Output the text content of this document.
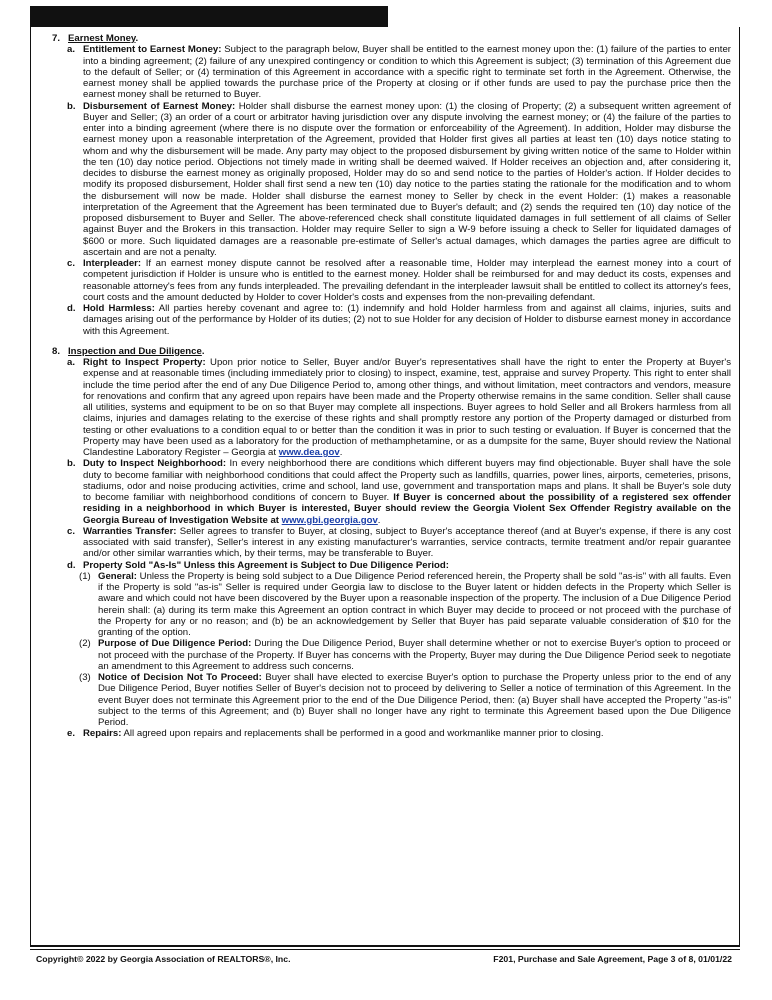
7. Earnest Money.
a. Entitlement to Earnest Money: Subject to the paragraph below, Buyer shall be entitled to the earnest money upon the: (1) failure of the parties to enter into a binding agreement; (2) failure of any unexpired contingency or condition to which this Agreement is subject; (3) termination of this Agreement due to the default of Seller; or (4) termination of this Agreement in accordance with a specific right to terminate set forth in the Agreement. Otherwise, the earnest money shall be applied towards the purchase price of the Property at closing or if other funds are used to pay the purchase price then the earnest money shall be returned to Buyer.
b. Disbursement of Earnest Money: Holder shall disburse the earnest money upon: (1) the closing of Property; (2) a subsequent written agreement of Buyer and Seller; (3) an order of a court or arbitrator having jurisdiction over any dispute involving the earnest money; or (4) the failure of the parties to enter into a binding agreement (where there is no dispute over the formation or enforceability of the Agreement). In addition, Holder may disburse the earnest money upon a reasonable interpretation of the Agreement, provided that Holder first gives all parties at least ten (10) days notice stating to whom and why the disbursement will be made. Any party may object to the proposed disbursement by giving written notice of the same to Holder within the ten (10) day notice period. Objections not timely made in writing shall be deemed waived. If Holder receives an objection and, after considering it, decides to disburse the earnest money as originally proposed, Holder may do so and send notice to the parties of Holder's action. If Holder decides to modify its proposed disbursement, Holder shall first send a new ten (10) day notice to the parties stating the rationale for the modification and to whom the disbursement will now be made. Holder shall disburse the earnest money to Seller by check in the event Holder: (1) makes a reasonable interpretation of the Agreement that the Agreement has been terminated due to Buyer's default; and (2) sends the required ten (10) day notice of the proposed disbursement to Buyer and Seller. The above-referenced check shall constitute liquidated damages in full settlement of all claims of Seller against Buyer and the Brokers in this transaction. Holder may require Seller to sign a W-9 before issuing a check to Seller for liquidated damages of $600 or more. Such liquidated damages are a reasonable pre-estimate of Seller's actual damages, which damages the parties agree are difficult to ascertain and are not a penalty.
c. Interpleader: If an earnest money dispute cannot be resolved after a reasonable time, Holder may interplead the earnest money into a court of competent jurisdiction if Holder is unsure who is entitled to the earnest money. Holder shall be reimbursed for and may deduct its costs, expenses and reasonable attorney's fees from any funds interpleaded. The prevailing defendant in the interpleader lawsuit shall be entitled to collect its attorney's fees, court costs and the amount deducted by Holder to cover Holder's costs and expenses from the non-prevailing defendant.
d. Hold Harmless: All parties hereby covenant and agree to: (1) indemnify and hold Holder harmless from and against all claims, injuries, suits and damages arising out of the performance by Holder of its duties; (2) not to sue Holder for any decision of Holder to disburse earnest money in accordance with this Agreement.
8. Inspection and Due Diligence.
a. Right to Inspect Property: Upon prior notice to Seller, Buyer and/or Buyer's representatives shall have the right to enter the Property at Buyer's expense and at reasonable times (including immediately prior to closing) to inspect, examine, test, appraise and survey Property. This right to enter shall include the time period after the end of any Due Diligence Period to, among other things, and without limitation, meet contractors and vendors, measure for renovations and confirm that any agreed upon repairs have been made and the Property otherwise remains in the same condition. Seller shall cause all utilities, systems and equipment to be on so that Buyer may complete all inspections. Buyer agrees to hold Seller and all Brokers harmless from all claims, injuries and damages relating to the exercise of these rights and shall promptly restore any portion of the Property damaged or disturbed from testing or other evaluations to a condition equal to or better than the condition it was in prior to such testing or evaluation. If Buyer is concerned that the Property may have been used as a laboratory for the production of methamphetamine, or as a dumpsite for the same, Buyer should review the National Clandestine Laboratory Register – Georgia at www.dea.gov.
b. Duty to Inspect Neighborhood: In every neighborhood there are conditions which different buyers may find objectionable. Buyer shall have the sole duty to become familiar with neighborhood conditions that could affect the Property such as landfills, quarries, power lines, airports, cemeteries, prisons, stadiums, odor and noise producing activities, crime and school, land use, government and transportation maps and plans. It shall be Buyer's sole duty to become familiar with neighborhood conditions of concern to Buyer. If Buyer is concerned about the possibility of a registered sex offender residing in a neighborhood in which Buyer is interested, Buyer should review the Georgia Violent Sex Offender Registry available on the Georgia Bureau of Investigation Website at www.gbi.georgia.gov.
c. Warranties Transfer: Seller agrees to transfer to Buyer, at closing, subject to Buyer's acceptance thereof (and at Buyer's expense, if there is any cost associated with said transfer), Seller's interest in any existing manufacturer's warranties, service contracts, termite treatment and/or repair guarantee and/or other similar warranties which, by their terms, may be transferable to Buyer.
d. Property Sold "As-Is" Unless this Agreement is Subject to Due Diligence Period:
(1) General: Unless the Property is being sold subject to a Due Diligence Period referenced herein, the Property shall be sold "as-is" with all faults. Even if the Property is sold "as-is" Seller is required under Georgia law to disclose to the Buyer latent or hidden defects in the Property which Seller is aware and which could not have been discovered by the Buyer upon a reasonable inspection of the property. The inclusion of a Due Diligence Period herein shall: (a) during its term make this Agreement an option contract in which Buyer may decide to proceed or not proceed with the purchase of the Property for any or no reason; and (b) be an acknowledgement by Seller that Buyer has paid separate valuable consideration of $10 for the granting of the option.
(2) Purpose of Due Diligence Period: During the Due Diligence Period, Buyer shall determine whether or not to exercise Buyer's option to proceed or not proceed with the purchase of the Property. If Buyer has concerns with the Property, Buyer may during the Due Diligence Period seek to negotiate an amendment to this Agreement to address such concerns.
(3) Notice of Decision Not To Proceed: Buyer shall have elected to exercise Buyer's option to purchase the Property unless prior to the end of any Due Diligence Period, Buyer notifies Seller of Buyer's decision not to proceed by delivering to Seller a notice of termination of this Agreement. In the event Buyer does not terminate this Agreement prior to the end of the Due Diligence Period, then: (a) Buyer shall have accepted the Property "as-is" subject to the terms of this Agreement; and (b) Buyer shall no longer have any right to terminate this Agreement based upon the Due Diligence Period.
e. Repairs: All agreed upon repairs and replacements shall be performed in a good and workmanlike manner prior to closing.
Copyright© 2022 by Georgia Association of REALTORS®, Inc.	F201, Purchase and Sale Agreement, Page 3 of 8, 01/01/22
